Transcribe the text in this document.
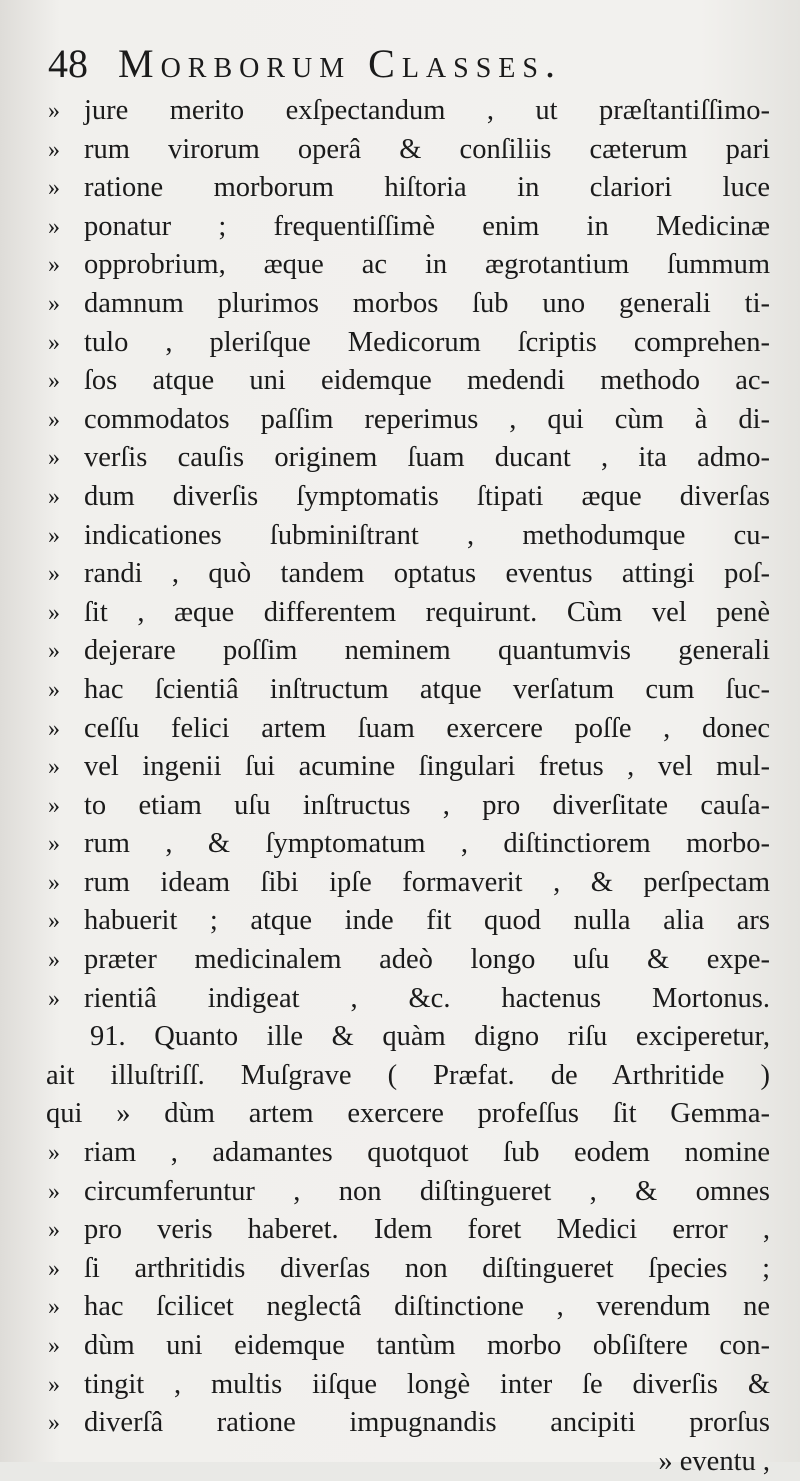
48 Morborum Classes.
» jure merito exſpectandum , ut præſtantiſſimo-
» rum virorum operâ & conſiliis cæterum pari
» ratione morborum hiſtoria in clariori luce
» ponatur ; frequentiſſimè enim in Medicinæ
» opprobrium, æque ac in ægrotantium ſummum
» damnum plurimos morbos ſub uno generali ti-
» tulo , pleriſque Medicorum ſcriptis comprehen-
» ſos atque uni eidemque medendi methodo ac-
» commodatos paſſim reperimus , qui cùm à di-
» verſis cauſis originem ſuam ducant , ita admo-
» dum diverſis ſymptomatis ſtipati æque diverſas
» indicationes ſubminiſtrant , methodumque cu-
» randi , quò tandem optatus eventus attingi poſ-
» ſit , æque differentem requirunt. Cùm vel penè
» dejerare poſſim neminem quantumvis generali
» hac ſcientiâ inſtructum atque verſatum cum ſuc-
» ceſſu felici artem ſuam exercere poſſe , donec
» vel ingenii ſui acumine ſingulari fretus , vel mul-
» to etiam uſu inſtructus , pro diverſitate cauſa-
» rum , & ſymptomatum , diſtinctiorem morbo-
» rum ideam ſibi ipſe formaverit , & perſpectam
» habuerit ; atque inde fit quod nulla alia ars
» præter medicinalem adeò longo uſu & expe-
» rientiâ indigeat , &c. hactenus Mortonus.
91. Quanto ille & quàm digno riſu exciperetur,
ait illuſtriſſ. Muſgrave ( Præfat. de Arthritide )
qui » dùm artem exercere profeſſus ſit Gemma-
» riam , adamantes quotquot ſub eodem nomine
» circumferuntur , non diſtingueret , & omnes
» pro veris haberet. Idem foret Medici error ,
» ſi arthritidis diverſas non diſtingueret ſpecies ;
» hac ſcilicet neglectâ diſtinctione , verendum ne
» dùm uni eidemque tantùm morbo obſiſtere con-
» tingit , multis iiſque longè inter ſe diverſis &
» diverſâ ratione impugnandis ancipiti prorſus
» eventu ,
